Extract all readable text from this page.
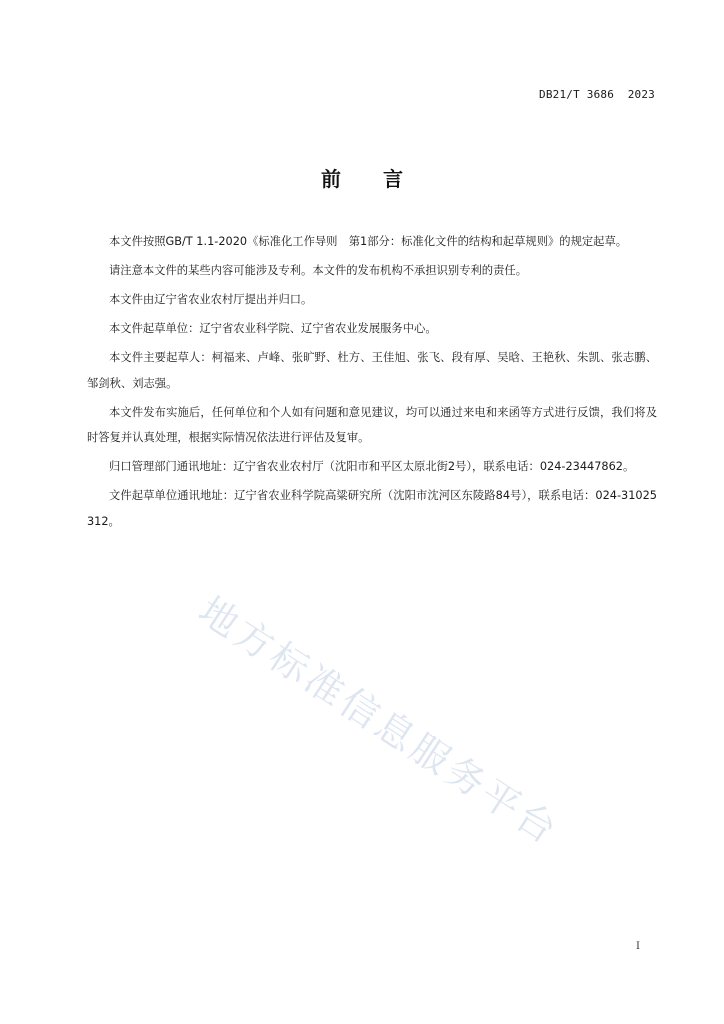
DB21/T 3686  2023
前言

本文件按照GB/T 1.1-2020《标准化工作导则　第1部分：标准化文件的结构和起草规则》的规定起草。

请注意本文件的某些内容可能涉及专利。本文件的发布机构不承担识别专利的责任。

本文件由辽宁省农业农村厅提出并归口。

本文件起草单位：辽宁省农业科学院、辽宁省农业发展服务中心。

本文件主要起草人：柯福来、卢峰、张旷野、杜方、王佳旭、张飞、段有厚、吴晗、王艳秋、朱凯、张志鹏、邹剑秋、刘志强。

本文件发布实施后，任何单位和个人如有问题和意见建议，均可以通过来电和来函等方式进行反馈，我们将及时答复并认真处理，根据实际情况依法进行评估及复审。

归口管理部门通讯地址：辽宁省农业农村厅（沈阳市和平区太原北街2号），联系电话：024-23447862。

文件起草单位通讯地址：辽宁省农业科学院高粱研究所（沈阳市沈河区东陵路84号），联系电话：024-31025312。

地方标准信息服务平台
I
